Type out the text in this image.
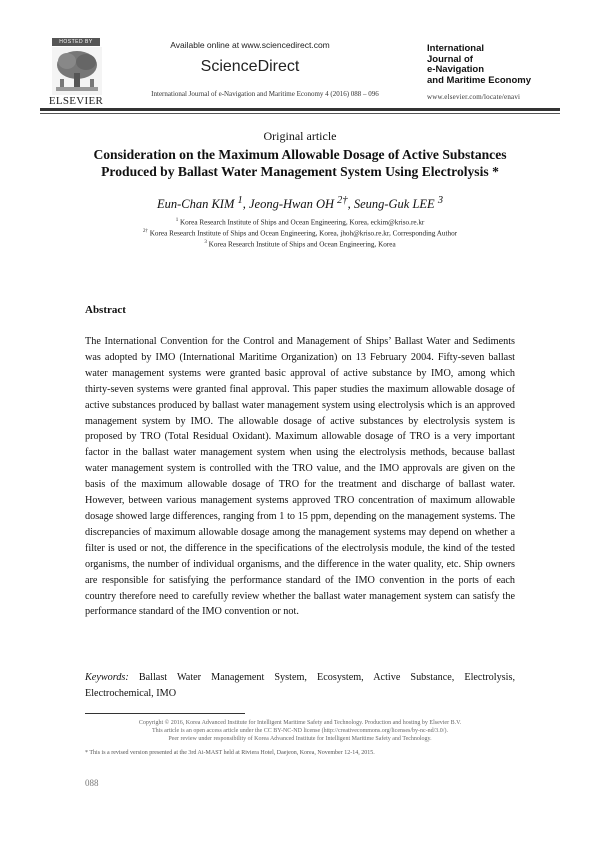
HOSTED BY
ELSEVIER
Available online at www.sciencedirect.com
ScienceDirect
International Journal of e-Navigation and Maritime Economy 4 (2016) 088 – 096
International
Journal of
e-Navigation
and Maritime Economy
www.elsevier.com/locate/enavi
Original article
Consideration on the Maximum Allowable Dosage of Active Substances
Produced by Ballast Water Management System Using Electrolysis *
Eun-Chan KIM $^1$, Jeong-Hwan OH $^{2\dagger}$, Seung-Guk LEE $^3$
$^1$ Korea Research Institute of Ships and Ocean Engineering, Korea, eckim@kriso.re.kr
$^{2\dagger}$ Korea Research Institute of Ships and Ocean Engineering, Korea, jhoh@kriso.re.kr, Corresponding Author
$^3$ Korea Research Institute of Ships and Ocean Engineering, Korea
Abstract
The International Convention for the Control and Management of Ships’ Ballast Water and Sediments was adopted by IMO (International Maritime Organization) on 13 February 2004. Fifty-seven ballast water management systems were granted basic approval of active substance by IMO, among which thirty-seven systems were granted final approval. This paper studies the maximum allowable dosage of active substances produced by ballast water management system using electrolysis which is an approved management system by IMO. The allowable dosage of active substances by electrolysis system is proposed by TRO (Total Residual Oxidant). Maximum allowable dosage of TRO is a very important factor in the ballast water management system when using the electrolysis methods, because ballast water management system is controlled with the TRO value, and the IMO approvals are given on the basis of the maximum allowable dosage of TRO for the treatment and discharge of ballast water. However, between various management systems approved TRO concentration of maximum allowable dosage showed large differences, ranging from 1 to 15 ppm, depending on the management systems. The discrepancies of maximum allowable dosage among the management systems may depend on whether a filter is used or not, the difference in the specifications of the electrolysis module, the kind of the tested organisms, the number of individual organisms, and the difference in the water quality, etc. Ship owners are responsible for satisfying the performance standard of the IMO convention in the ports of each country therefore need to carefully review whether the ballast water management system can satisfy the performance standard of the IMO convention or not.
Keywords: Ballast Water Management System, Ecosystem, Active Substance, Electrolysis, Electrochemical, IMO
Copyright © 2016, Korea Advanced Institute for Intelligent Maritime Safety and Technology. Production and hosting by Elsevier B.V.
This article is an open access article under the CC BY-NC-ND license (http://creativecommons.org/licenses/by-nc-nd/3.0/).
Peer review under responsibility of Korea Advanced Institute for Intelligent Maritime Safety and Technology.
* This is a revised version presented at the 3rd Ai-MAST held at Riviera Hotel, Daejeon, Korea, November 12-14, 2015.
088
